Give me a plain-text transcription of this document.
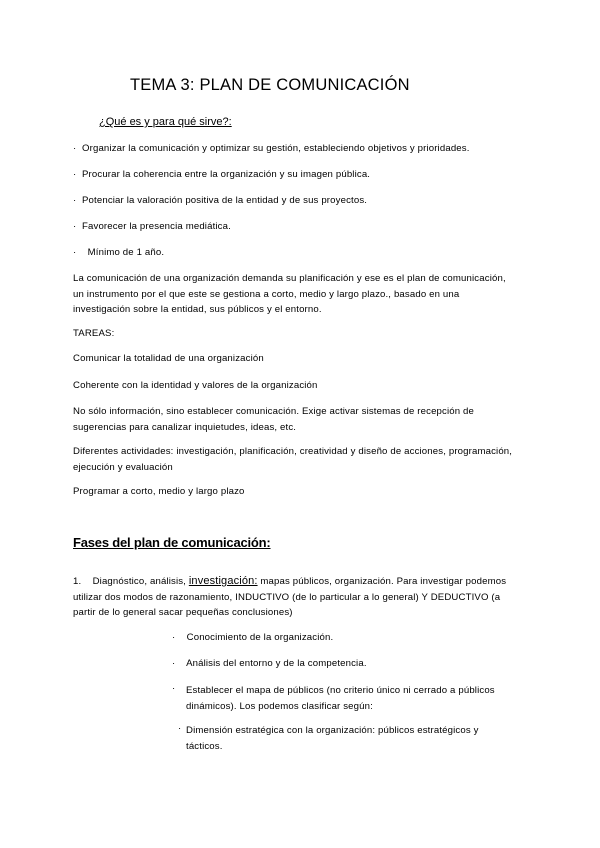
TEMA 3: PLAN DE COMUNICACIÓN
¿Qué es y para qué sirve?:
· Organizar la comunicación y optimizar su gestión, estableciendo objetivos y prioridades.
· Procurar la coherencia entre la organización y su imagen pública.
· Potenciar la valoración positiva de la entidad y de sus proyectos.
· Favorecer la presencia mediática.
· Mínimo de 1 año.
La comunicación de una organización demanda su planificación y ese es el plan de comunicación, un instrumento por el que este se gestiona a corto, medio y largo plazo., basado en una investigación sobre la entidad, sus públicos y el entorno.
TAREAS:
Comunicar la totalidad de una organización
Coherente con la identidad y valores de la organización
No sólo información, sino establecer comunicación. Exige activar sistemas de recepción de sugerencias para canalizar inquietudes, ideas, etc.
Diferentes actividades: investigación, planificación, creatividad y diseño de acciones, programación, ejecución y evaluación
Programar a corto, medio y largo plazo
Fases del plan de comunicación:
1. Diagnóstico, análisis, investigación: mapas públicos, organización. Para investigar podemos utilizar dos modos de razonamiento, INDUCTIVO (de lo particular a lo general) Y DEDUCTIVO (a partir de lo general sacar pequeñas conclusiones)
· Conocimiento de la organización.
· Análisis del entorno y de la competencia.
· Establecer el mapa de públicos (no criterio único ni cerrado a públicos dinámicos). Los podemos clasificar según:
· Dimensión estratégica con la organización: públicos estratégicos y tácticos.
